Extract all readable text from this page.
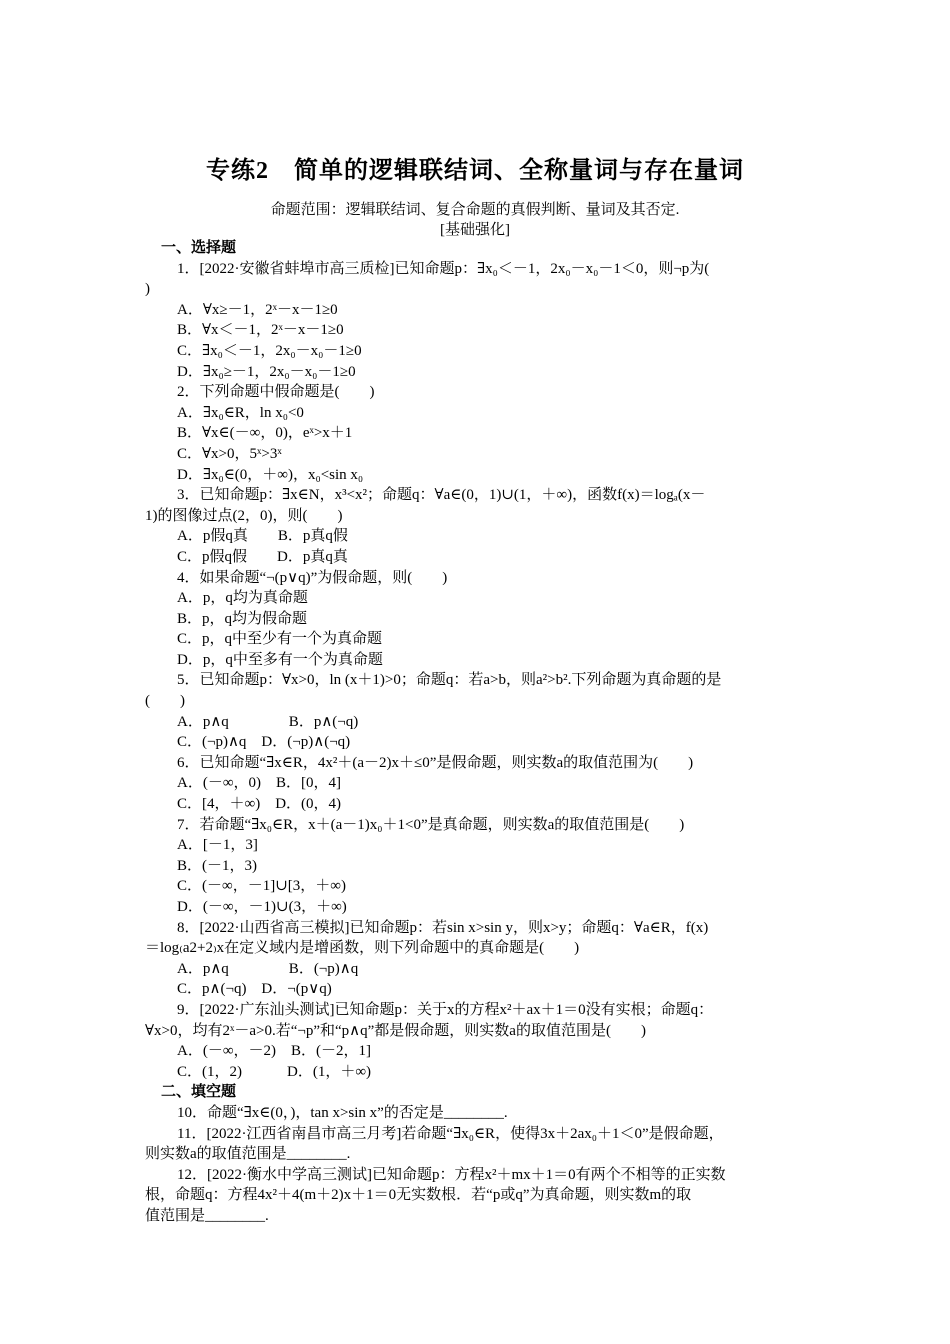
专练2　简单的逻辑联结词、全称量词与存在量词
命题范围：逻辑联结词、复合命题的真假判断、量词及其否定.
[基础强化]
一、选择题
1．[2022·安徽省蚌埠市高三质检]已知命题p：∃x₀＜－1，2x₀－x₀－1＜0，则¬p为(
)
A．∀x≥－1，2ˣ－x－1≥0
B．∀x＜－1，2ˣ－x－1≥0
C．∃x₀＜－1，2x₀－x₀－1≥0
D．∃x₀≥－1，2x₀－x₀－1≥0
2．下列命题中假命题是(　　)
A．∃x₀∈R，ln x₀<0
B．∀x∈(－∞，0)，eˣ>x＋1
C．∀x>0，5ˣ>3ˣ
D．∃x₀∈(0，＋∞)，x₀<sin x₀
3．已知命题p：∃x∈N，x³<x²；命题q：∀a∈(0，1)∪(1，＋∞)，函数f(x)＝logₐ(x－
1)的图像过点(2，0)，则(　　)
A．p假q真　　B．p真q假
C．p假q假　　D．p真q真
4．如果命题“¬(p∨q)”为假命题，则(　　)
A．p，q均为真命题
B．p，q均为假命题
C．p，q中至少有一个为真命题
D．p，q中至多有一个为真命题
5．已知命题p：∀x>0，ln (x＋1)>0；命题q：若a>b，则a²>b².下列命题为真命题的是
(　　)
A．p∧q　　　　B．p∧(¬q)
C．(¬p)∧q　D．(¬p)∧(¬q)
6．已知命题“∃x∈R，4x²＋(a－2)x＋≤0”是假命题，则实数a的取值范围为(　　)
A．(－∞，0)　B．[0，4]
C．[4，＋∞)　D．(0，4)
7．若命题“∃x₀∈R，x＋(a－1)x₀＋1<0”是真命题，则实数a的取值范围是(　　)
A．[－1，3]
B．(－1，3)
C．(－∞，－1]∪[3，＋∞)
D．(－∞，－1)∪(3，＋∞)
8．[2022·山西省高三模拟]已知命题p：若sin x>sin y，则x>y；命题q：∀a∈R，f(x)
＝log₍a2+2₎x在定义域内是增函数，则下列命题中的真命题是(　　)
A．p∧q　　　　B．(¬p)∧q
C．p∧(¬q)　D．¬(p∨q)
9．[2022·广东汕头测试]已知命题p：关于x的方程x²＋ax＋1＝0没有实根；命题q：
∀x>0，均有2ˣ－a>0.若“¬p”和“p∧q”都是假命题，则实数a的取值范围是(　　)
A．(－∞，－2)　B．(－2，1]
C．(1，2)　　　D．(1，＋∞)
二、填空题
10．命题“∃x∈(0，)，tan x>sin x”的否定是________.
11．[2022·江西省南昌市高三月考]若命题“∃x₀∈R，使得3x＋2ax₀＋1＜0”是假命题，
则实数a的取值范围是________.
12．[2022·衡水中学高三测试]已知命题p：方程x²＋mx＋1＝0有两个不相等的正实数
根，命题q：方程4x²＋4(m＋2)x＋1＝0无实数根．若“p或q”为真命题，则实数m的取
值范围是________.
